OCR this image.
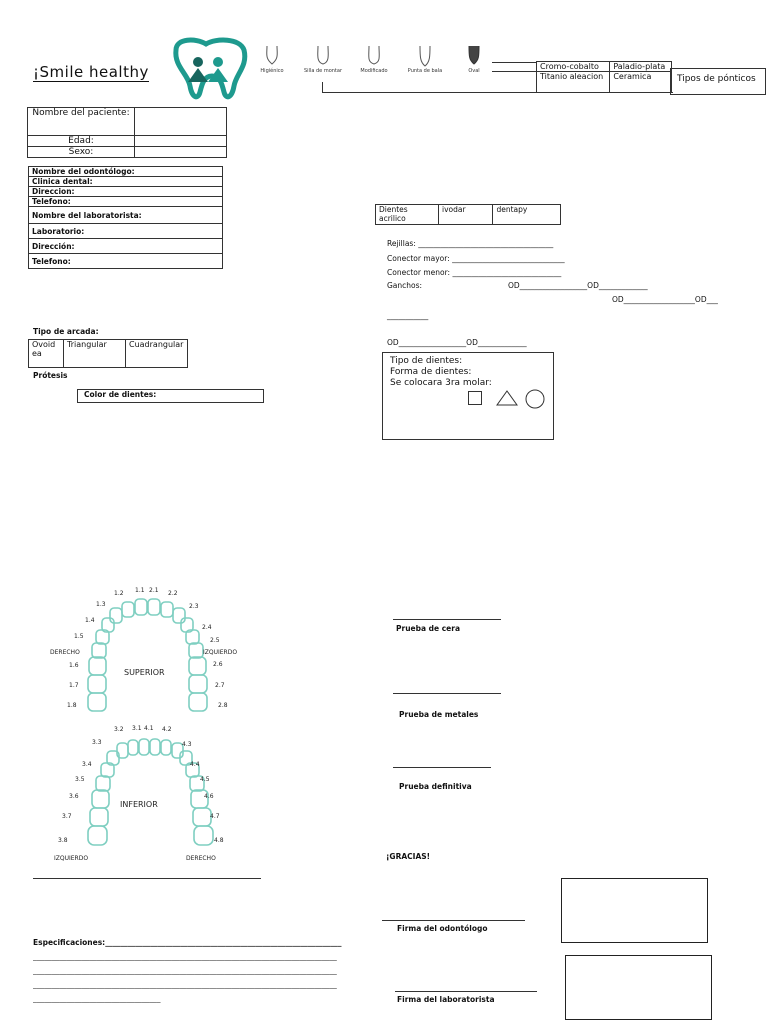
¡Smile healthy	Higiénico	Silla de montar	Modificado	Punta de bala	Oval	Cromo-cobalto	Paladio-plata
Titanio aleacion	Ceramica	Tipos de pónticos
Nombre del paciente:	
Edad:	
Sexo:	
Nombre del odontólogo:
Clinica dental:
Direccion:
Telefono:
Nombre del laboratorista:
Laboratorio:
Dirección:
Telefono:
Tipo de arcada:
Ovoidea	Triangular	Cuadrangular
Prótesis
Color de dientes:
Dientes acrilico	ivodar	dentapy
Rejillas: ____________________________________
Conector mayor: ______________________________
Conector menor: _____________________________
Ganchos:	OD__________________OD_____________
OD___________________OD___
___________
OD__________________OD_____________
Tipo de dientes:
Forma de dientes:
Se colocara 3ra molar:
1.2 1.1 2.1 2.2
1.3	2.3
1.4
2.4
1.5
2.5
DERECHO	IZQUIERDO
1.6	2.6
1.7	2.7
1.8	2.8
SUPERIOR
3.2 3.1 4.1 4.2
3.3	4.3
3.4	4.4
3.5	4.5
3.6	4.6
3.7	4.7
3.8	4.8
INFERIOR
IZQUIERDO	DERECHO
Prueba de cera
Prueba de metales
Prueba definitiva
¡GRACIAS!
Firma del odontólogo
Firma del laboratorista
Especificaciones:_______________________________________________________________
_________________________________________________________________________________
_________________________________________________________________________________
_________________________________________________________________________________
__________________________________
